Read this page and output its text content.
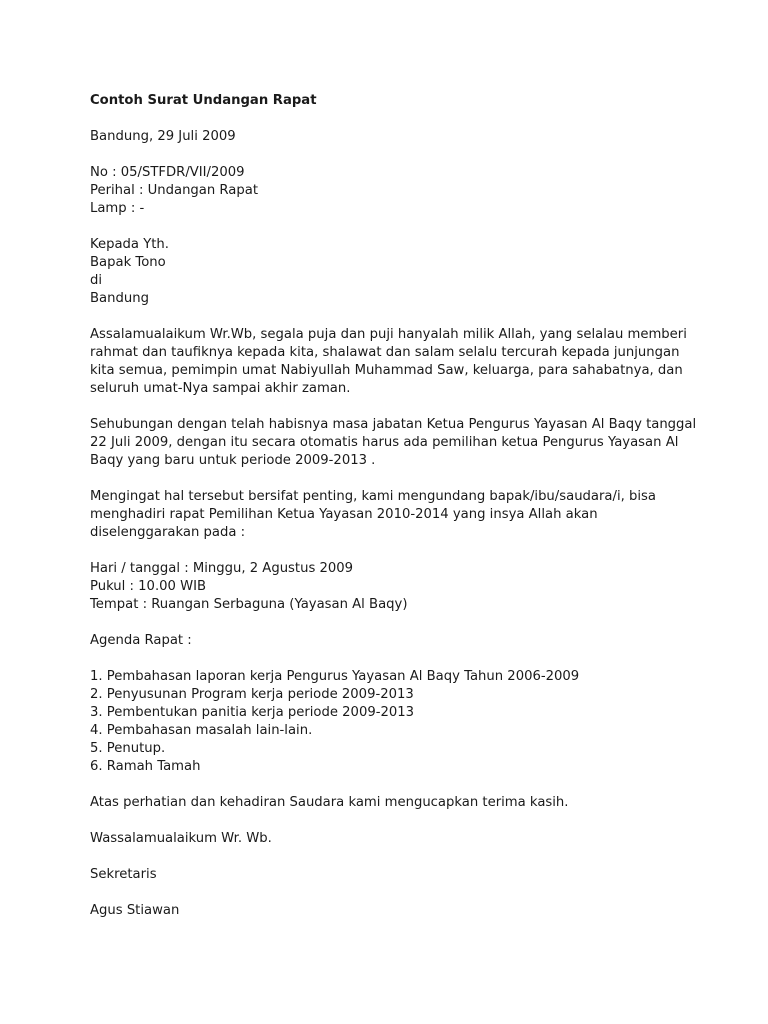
Contoh Surat Undangan Rapat
Bandung, 29 Juli 2009
No : 05/STFDR/VII/2009
Perihal : Undangan Rapat
Lamp : -
Kepada Yth.
Bapak Tono
di
Bandung
Assalamualaikum Wr.Wb, segala puja dan puji hanyalah milik Allah, yang selalau memberi
rahmat dan taufiknya kepada kita, shalawat dan salam selalu tercurah kepada junjungan
kita semua, pemimpin umat Nabiyullah Muhammad Saw, keluarga, para sahabatnya, dan
seluruh umat-Nya sampai akhir zaman.
Sehubungan dengan telah habisnya masa jabatan Ketua Pengurus Yayasan Al Baqy tanggal
22 Juli 2009, dengan itu secara otomatis harus ada pemilihan ketua Pengurus Yayasan Al
Baqy yang baru untuk periode 2009-2013 .
Mengingat hal tersebut bersifat penting, kami mengundang bapak/ibu/saudara/i, bisa
menghadiri rapat Pemilihan Ketua Yayasan 2010-2014 yang insya Allah akan
diselenggarakan pada :
Hari / tanggal : Minggu, 2 Agustus 2009
Pukul : 10.00 WIB
Tempat : Ruangan Serbaguna (Yayasan Al Baqy)
Agenda Rapat :
1. Pembahasan laporan kerja Pengurus Yayasan Al Baqy Tahun 2006-2009
2. Penyusunan Program kerja periode 2009-2013
3. Pembentukan panitia kerja periode 2009-2013
4. Pembahasan masalah lain-lain.
5. Penutup.
6. Ramah Tamah
Atas perhatian dan kehadiran Saudara kami mengucapkan terima kasih.
Wassalamualaikum Wr. Wb.
Sekretaris
Agus Stiawan
